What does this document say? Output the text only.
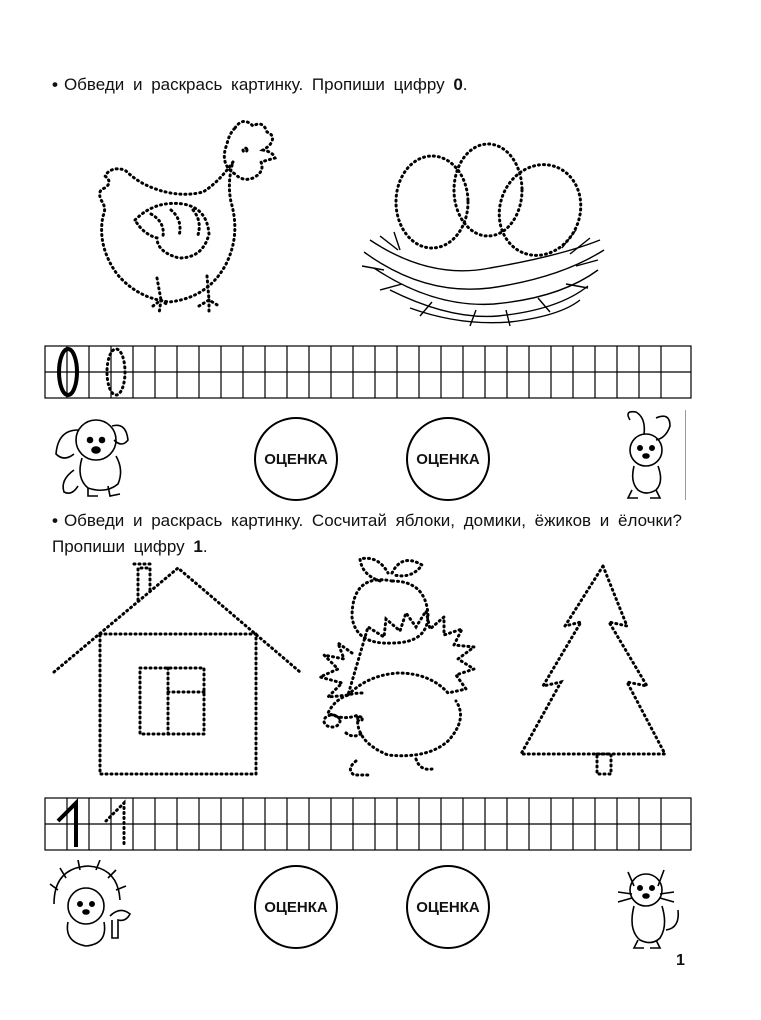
• Обведи и раскрась картинку. Пропиши цифру 0.
ОЦЕНКА	ОЦЕНКА
• Обведи и раскрась картинку. Сосчитай яблоки, домики, ёжиков и ёлочки? Пропиши цифру 1.
ОЦЕНКА	ОЦЕНКА
1
